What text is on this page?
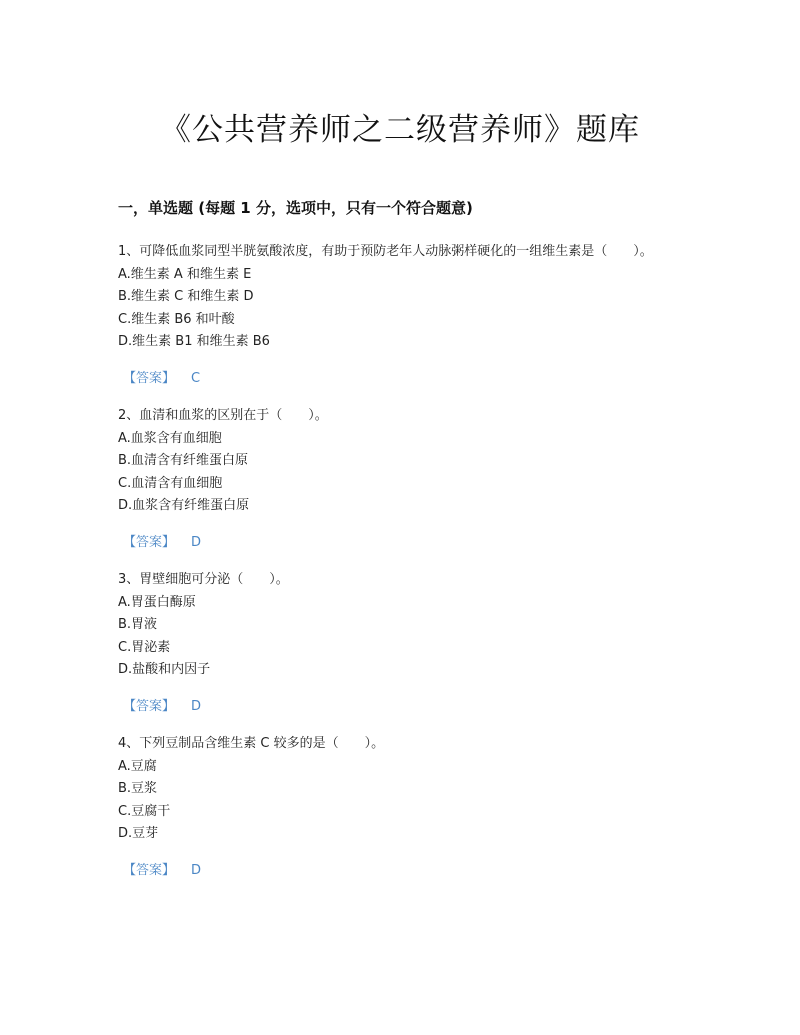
《公共营养师之二级营养师》题库
一，单选题 (每题 1 分，选项中，只有一个符合题意)
1、可降低血浆同型半胱氨酸浓度，有助于预防老年人动脉粥样硬化的一组维生素是（　　）。
A.维生素 A 和维生素 E
B.维生素 C 和维生素 D
C.维生素 B6 和叶酸
D.维生素 B1 和维生素 B6
【答案】 C
2、血清和血浆的区别在于（　　）。
A.血浆含有血细胞
B.血清含有纤维蛋白原
C.血清含有血细胞
D.血浆含有纤维蛋白原
【答案】 D
3、胃壁细胞可分泌（　　）。
A.胃蛋白酶原
B.胃液
C.胃泌素
D.盐酸和内因子
【答案】 D
4、下列豆制品含维生素 C 较多的是（　　）。
A.豆腐
B.豆浆
C.豆腐干
D.豆芽
【答案】 D
